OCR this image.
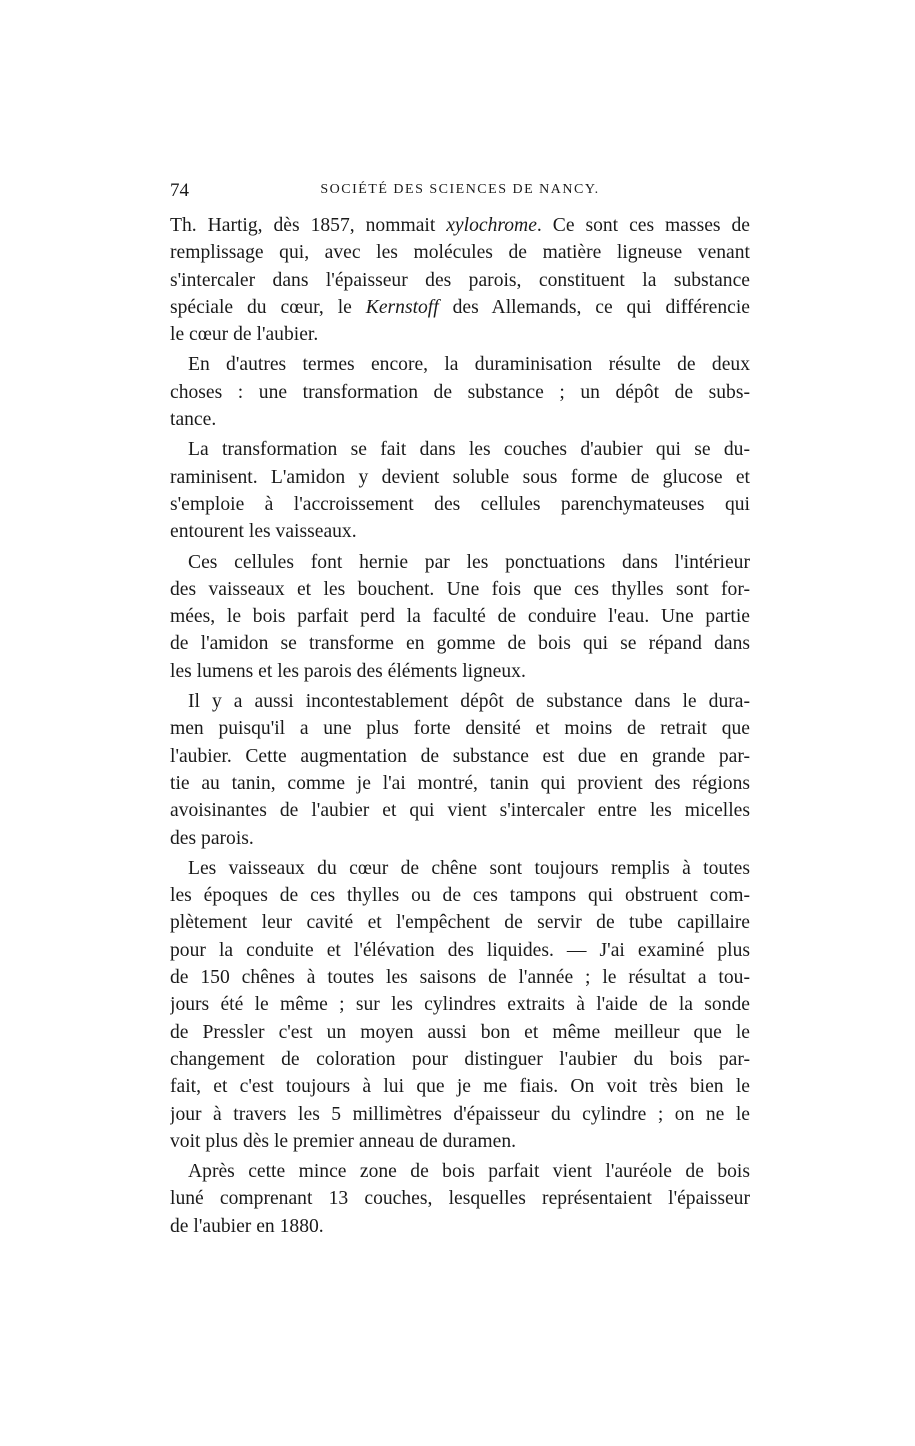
74	SOCIÉTÉ DES SCIENCES DE NANCY.
Th. Hartig, dès 1857, nommait xylochrome. Ce sont ces masses de
remplissage qui, avec les molécules de matière ligneuse venant
s'intercaler dans l'épaisseur des parois, constituent la substance
spéciale du cœur, le Kernstoff des Allemands, ce qui différencie
le cœur de l'aubier.
En d'autres termes encore, la duraminisation résulte de deux
choses : une transformation de substance ; un dépôt de subs-
tance.
La transformation se fait dans les couches d'aubier qui se du-
raminisent. L'amidon y devient soluble sous forme de glucose et
s'emploie à l'accroissement des cellules parenchymateuses qui
entourent les vaisseaux.
Ces cellules font hernie par les ponctuations dans l'intérieur
des vaisseaux et les bouchent. Une fois que ces thylles sont for-
mées, le bois parfait perd la faculté de conduire l'eau. Une partie
de l'amidon se transforme en gomme de bois qui se répand dans
les lumens et les parois des éléments ligneux.
Il y a aussi incontestablement dépôt de substance dans le dura-
men puisqu'il a une plus forte densité et moins de retrait que
l'aubier. Cette augmentation de substance est due en grande par-
tie au tanin, comme je l'ai montré, tanin qui provient des régions
avoisinantes de l'aubier et qui vient s'intercaler entre les micelles
des parois.
Les vaisseaux du cœur de chêne sont toujours remplis à toutes
les époques de ces thylles ou de ces tampons qui obstruent com-
plètement leur cavité et l'empêchent de servir de tube capillaire
pour la conduite et l'élévation des liquides. — J'ai examiné plus
de 150 chênes à toutes les saisons de l'année ; le résultat a tou-
jours été le même ; sur les cylindres extraits à l'aide de la sonde
de Pressler c'est un moyen aussi bon et même meilleur que le
changement de coloration pour distinguer l'aubier du bois par-
fait, et c'est toujours à lui que je me fiais. On voit très bien le
jour à travers les 5 millimètres d'épaisseur du cylindre ; on ne le
voit plus dès le premier anneau de duramen.
Après cette mince zone de bois parfait vient l'auréole de bois
luné comprenant 13 couches, lesquelles représentaient l'épaisseur
de l'aubier en 1880.
